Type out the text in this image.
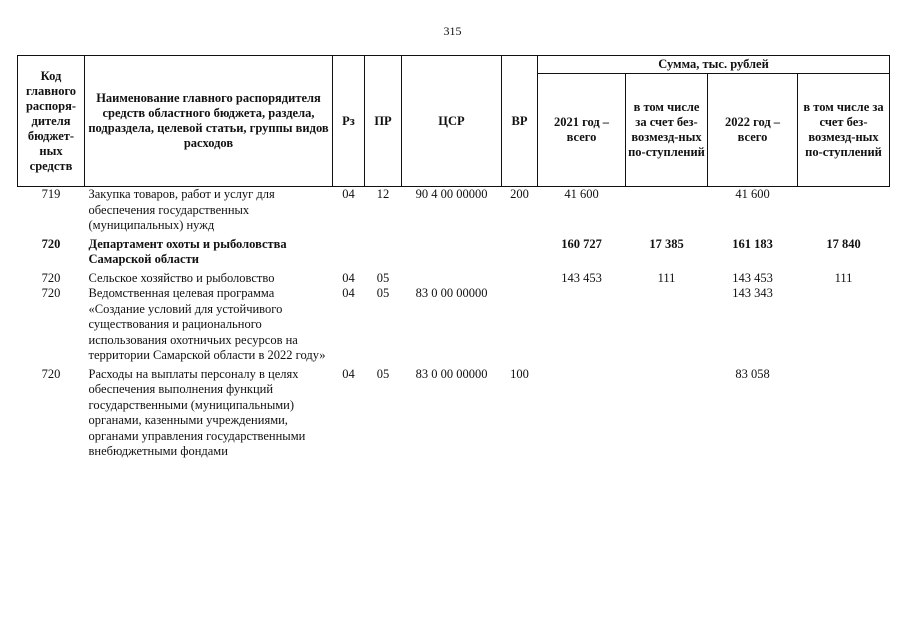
315
Код главного распоря-дителя бюджет-ных средств	Наименование главного распорядителя средств областного бюджета, раздела, подраздела, целевой статьи, группы видов расходов	Рз	ПР	ЦСР	ВР	Сумма, тыс. рублей			
						2021 год – всего	в том числе за счет без-возмезд-ных по-ступлений	2022 год – всего	в том числе за счет без-возмезд-ных по-ступлений
719	Закупка товаров, работ и услуг для обеспечения государственных (муниципальных) нужд	04	12	90 4 00 00000	200	41 600		41 600	
720	Департамент охоты и рыболовства Самарской области					160 727	17 385	161 183	17 840
720	Сельское хозяйство и рыболовство	04	05			143 453	111	143 453	111
720	Ведомственная целевая программа «Создание условий для устойчивого существования и рационального использования охотничьих ресурсов на территории Самарской области в 2022 году»	04	05	83 0 00 00000				143 343	
720	Расходы на выплаты персоналу в целях обеспечения выполнения функций государственными (муниципальными) органами, казенными учреждениями, органами управления государственными внебюджетными фондами	04	05	83 0 00 00000	100			83 058	
